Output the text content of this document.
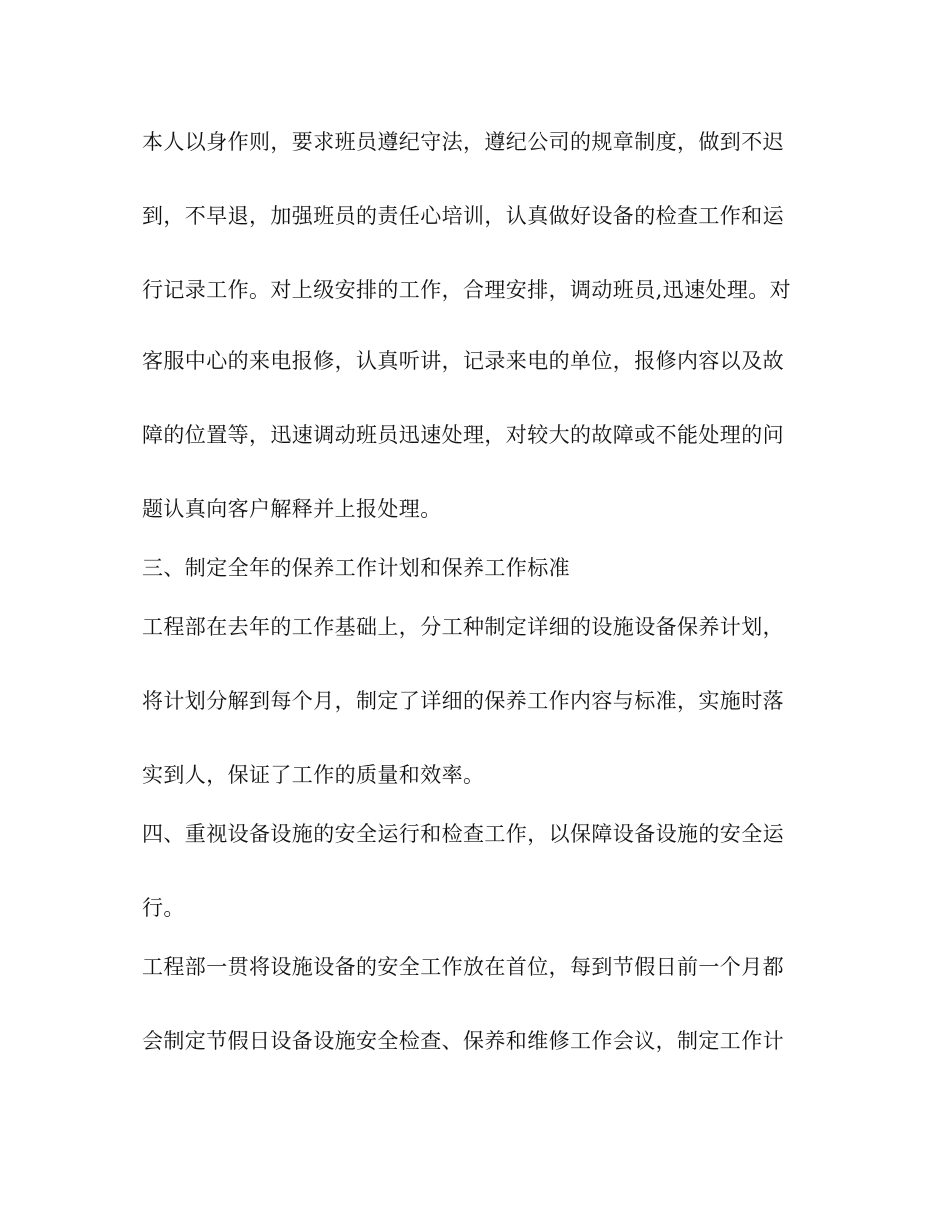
本人以身作则，要求班员遵纪守法，遵纪公司的规章制度，做到不迟
到，不早退，加强班员的责任心培训，认真做好设备的检查工作和运
行记录工作。对上级安排的工作，合理安排，调动班员,迅速处理。对
客服中心的来电报修，认真听讲，记录来电的单位，报修内容以及故
障的位置等，迅速调动班员迅速处理，对较大的故障或不能处理的问
题认真向客户解释并上报处理。
三、制定全年的保养工作计划和保养工作标准
工程部在去年的工作基础上，分工种制定详细的设施设备保养计划，
将计划分解到每个月，制定了详细的保养工作内容与标准，实施时落
实到人，保证了工作的质量和效率。
四、重视设备设施的安全运行和检查工作，以保障设备设施的安全运
行。
工程部一贯将设施设备的安全工作放在首位，每到节假日前一个月都
会制定节假日设备设施安全检查、保养和维修工作会议，制定工作计
